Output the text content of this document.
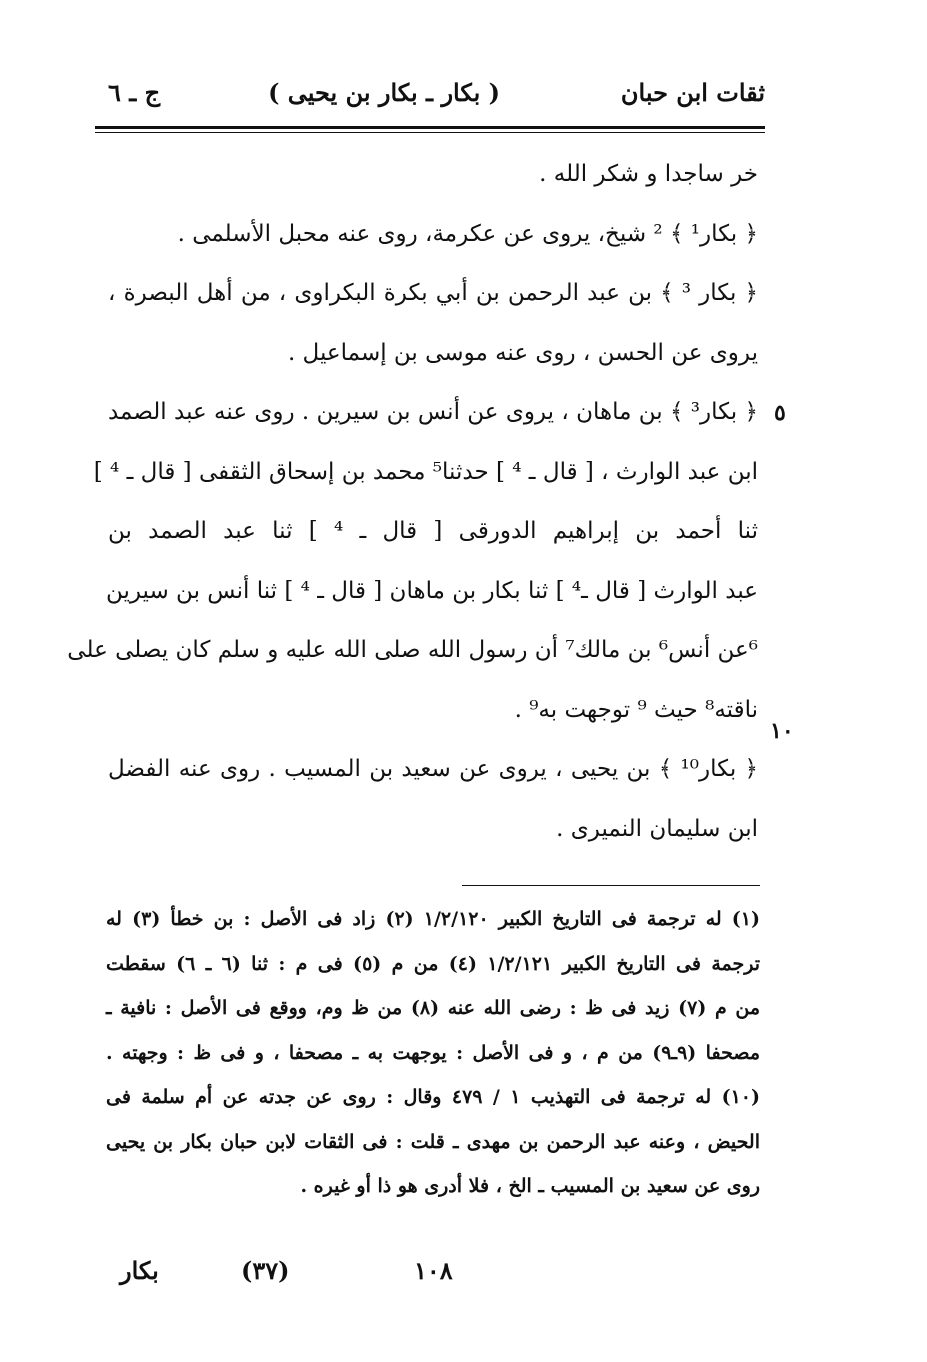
ثقات ابن حبان
( بكار ـ بكار بن يحيى )
ج ـ ٦
خر ساجدا و شكر الله .
﴿ بكار¹ ﴾ ² شيخ، يروى عن عكرمة، روى عنه محبل الأسلمى .
﴿ بكار ³ ﴾ بن عبد الرحمن بن أبي بكرة البكراوى ، من أهل البصرة ،
يروى عن الحسن ، روى عنه موسى بن إسماعيل .
﴿ بكار³ ﴾ بن ماهان ، يروى عن أنس بن سيرين . روى عنه عبد الصمد
ابن عبد الوارث ، [ قال ـ ⁴ ] حدثنا⁵ محمد بن إسحاق الثقفى [ قال ـ ⁴ ]
ثنا أحمد بن إبراهيم الدورقى [ قال ـ ⁴ ] ثنا عبد الصمد بن
عبد الوارث [ قال ـ⁴ ] ثنا بكار بن ماهان [ قال ـ ⁴ ] ثنا أنس بن سيرين
⁶عن أنس⁶ بن مالك⁷ أن رسول الله صلى الله عليه و سلم كان يصلى على
ناقته⁸ حيث ⁹ توجهت به⁹ .
﴿ بكار¹⁰ ﴾ بن يحيى ، يروى عن سعيد بن المسيب . روى عنه الفضل
ابن سليمان النميرى .
٥
١٠
(١) له ترجمة فى التاريخ الكبير ١/٢/١٢٠ (٢) زاد فى الأصل : بن خطأ (٣) له
ترجمة فى التاريخ الكبير ١/٢/١٢١ (٤) من م (٥) فى م : ثنا (٦ ـ ٦) سقطت
من م (٧) زيد فى ظ : رضى الله عنه (٨) من ظ وم، ووقع فى الأصل : نافية ـ
مصحفا (٩ـ٩) من م ، و فى الأصل : يوجهت به ـ مصحفا ، و فى ظ : وجهته .
(١٠) له ترجمة فى التهذيب ١ / ٤٧٩ وقال : روى عن جدته عن أم سلمة فى
الحيض ، وعنه عبد الرحمن بن مهدى ـ قلت : فى الثقات لابن حبان بكار بن يحيى
روى عن سعيد بن المسيب ـ الخ ، فلا أدرى هو ذا أو غيره .
بكار	(٣٧)	١٠٨
